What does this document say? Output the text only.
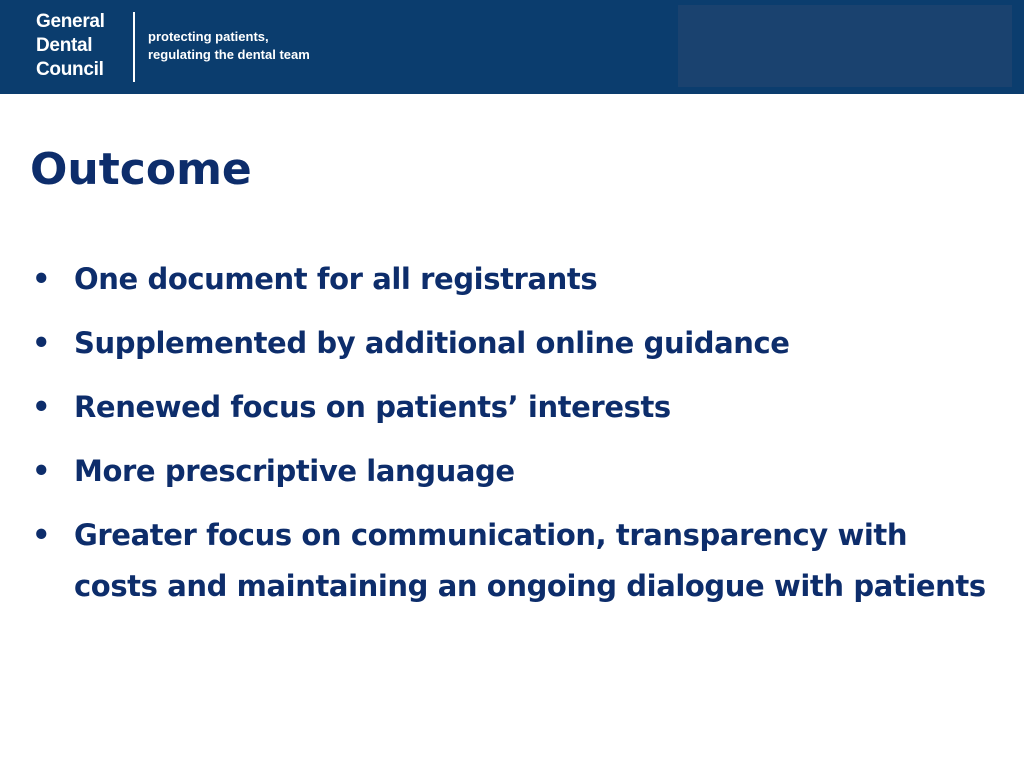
General
Dental
Council
protecting patients,
regulating the dental team
Outcome
• One document for all registrants
• Supplemented by additional online guidance
• Renewed focus on patients’ interests
• More prescriptive language
• Greater focus on communication, transparency with costs and maintaining an ongoing dialogue with patients
